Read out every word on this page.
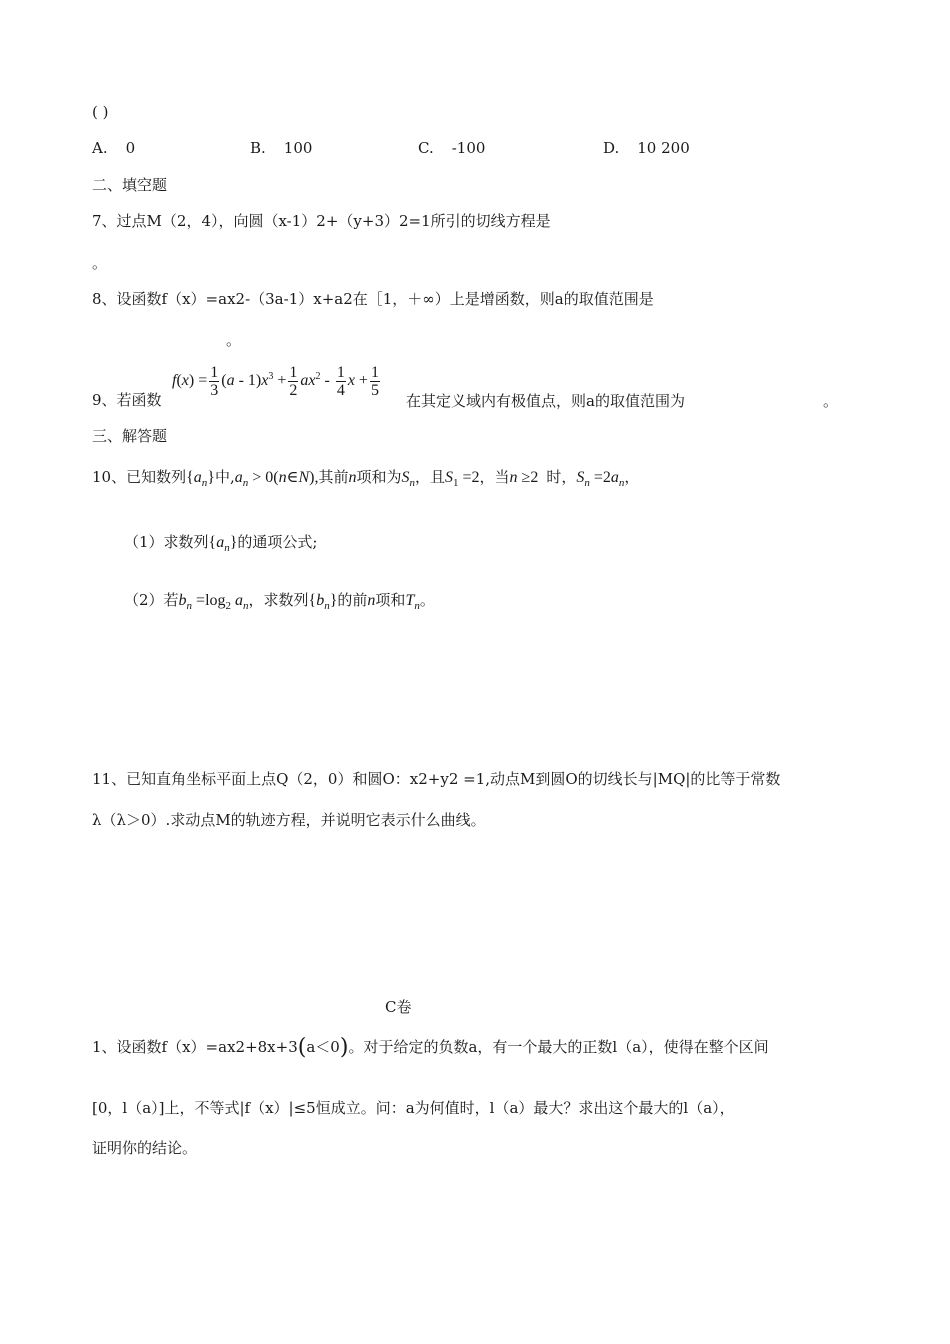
( )
A. 0	B. 100	C. -100	D. 10 200
二、填空题
7、过点M（2，4），向圆（x-1）2+（y+3）2=1所引的切线方程是
。
8、设函数f（x）=ax2-（3a-1）x+a2在［1，＋∞）上是增函数，则a的取值范围是
。
9、若函数
$f(x) = \frac{1}{3} (a - 1)x^3 + \frac{1}{2} ax^2 - \frac{1}{4}$ $x + \frac{1}{5}$
在其定义域内有极值点，则a的取值范围为	。
三、解答题
10、已知数列$\{a_n\}$中$,a_n$ > 0(n∈N),其前n项和为$S_n$，且$S_1 =2$，当n ≥2 时，$S_n =2a_n$，
（1）求数列$\{a_n\}$的通项公式;
（2）若$b_n =\log_2$ $a_n$，求数列$\{b_n\}$的前n项和$T_n$。
11、已知直角坐标平面上点Q（2，0）和圆O：x2+y2 =1,动点M到圆O的切线长与|MQ|的比等于常数
λ（λ＞0）.求动点M的轨迹方程，并说明它表示什么曲线。
C卷
1、设函数f（x）=ax2+8x+3(a＜0)。对于给定的负数a，有一个最大的正数l（a），使得在整个区间
[0，l（a）]上，不等式|f（x）|≤5恒成立。问：a为何值时，l（a）最大？求出这个最大的l（a），
证明你的结论。
